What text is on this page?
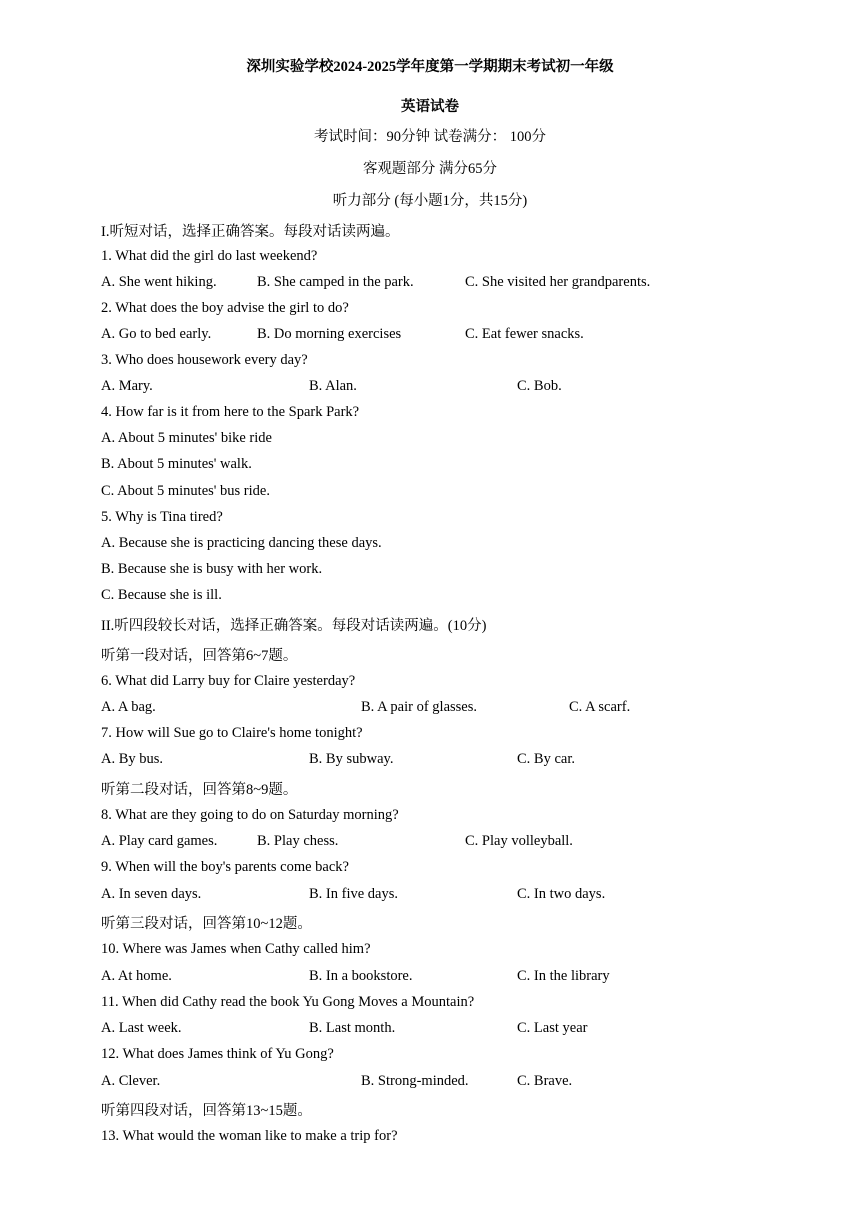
深圳实验学校2024-2025学年度第一学期期末考试初一年级
英语试卷
考试时间：90分钟 试卷满分： 100分
客观题部分 满分65分
听力部分 (每小题1分，共15分)
I.听短对话，选择正确答案。每段对话读两遍。
1. What did the girl do last weekend?
A. She went hiking.	B. She camped in the park.	C. She visited her grandparents.
2. What does the boy advise the girl to do?
A. Go to bed early.	B. Do morning exercises	C. Eat fewer snacks.
3. Who does housework every day?
A. Mary.	B. Alan.	C. Bob.
4. How far is it from here to the Spark Park?
A. About 5 minutes' bike ride
B. About 5 minutes' walk.
C. About 5 minutes' bus ride.
5. Why is Tina tired?
A. Because she is practicing dancing these days.
B. Because she is busy with her work.
C. Because she is ill.
II.听四段较长对话，选择正确答案。每段对话读两遍。(10分)
听第一段对话，回答第6~7题。
6. What did Larry buy for Claire yesterday?
A. A bag.	B. A pair of glasses.	C. A scarf.
7. How will Sue go to Claire's home tonight?
A. By bus.	B. By subway.	C. By car.
听第二段对话，回答第8~9题。
8. What are they going to do on Saturday morning?
A. Play card games.	B. Play chess.	C. Play volleyball.
9. When will the boy's parents come back?
A. In seven days.	B. In five days.	C. In two days.
听第三段对话，回答第10~12题。
10. Where was James when Cathy called him?
A. At home.	B. In a bookstore.	C. In the library
11. When did Cathy read the book Yu Gong Moves a Mountain?
A. Last week.	B. Last month.	C. Last year
12. What does James think of Yu Gong?
A. Clever.	B. Strong-minded.	C. Brave.
听第四段对话，回答第13~15题。
13. What would the woman like to make a trip for?
